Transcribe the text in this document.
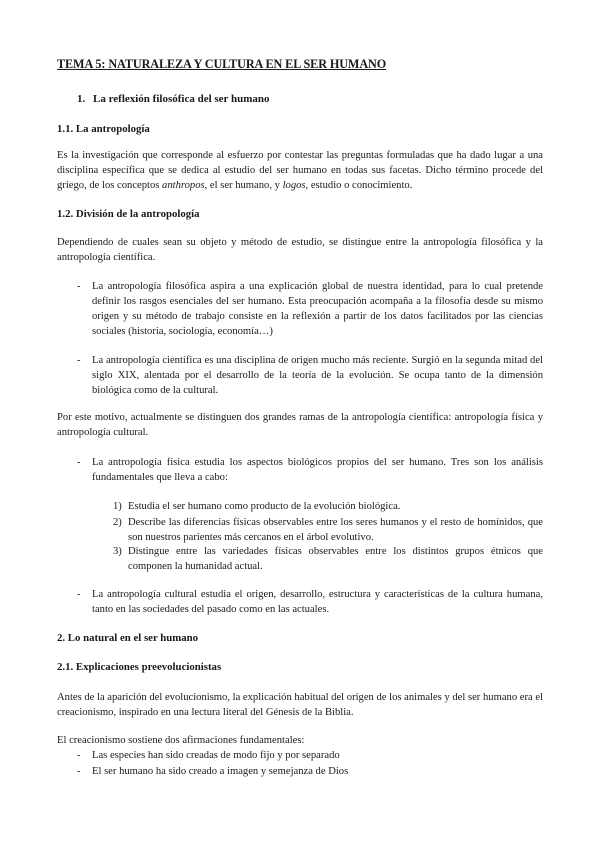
TEMA 5: NATURALEZA Y CULTURA EN EL SER HUMANO
1. La reflexión filosófica del ser humano
1.1. La antropología
Es la investigación que corresponde al esfuerzo por contestar las preguntas formuladas que ha dado lugar a una disciplina específica que se dedica al estudio del ser humano en todas sus facetas. Dicho término procede del griego, de los conceptos anthropos, el ser humano, y logos, estudio o conocimiento.
1.2. División de la antropología
Dependiendo de cuales sean su objeto y método de estudio, se distingue entre la antropología filosófica y la antropología científica.
- La antropología filosófica aspira a una explicación global de nuestra identidad, para lo cual pretende definir los rasgos esenciales del ser humano. Esta preocupación acompaña a la filosofía desde su mismo origen y su método de trabajo consiste en la reflexión a partir de los datos facilitados por las ciencias sociales (historia, sociología, economía…)
- La antropología científica es una disciplina de origen mucho más reciente. Surgió en la segunda mitad del siglo XIX, alentada por el desarrollo de la teoría de la evolución. Se ocupa tanto de la dimensión biológica como de la cultural.
Por este motivo, actualmente se distinguen dos grandes ramas de la antropología científica: antropología física y antropología cultural.
- La antropología física estudia los aspectos biológicos propios del ser humano. Tres son los análisis fundamentales que lleva a cabo:
1) Estudia el ser humano como producto de la evolución biológica.
2) Describe las diferencias físicas observables entre los seres humanos y el resto de homínidos, que son nuestros parientes más cercanos en el árbol evolutivo.
3) Distingue entre las variedades físicas observables entre los distintos grupos étnicos que componen la humanidad actual.
- La antropología cultural estudia el origen, desarrollo, estructura y características de la cultura humana, tanto en las sociedades del pasado como en las actuales.
2. Lo natural en el ser humano
2.1. Explicaciones preevolucionistas
Antes de la aparición del evolucionismo, la explicación habitual del origen de los animales y del ser humano era el creacionismo, inspirado en una lectura literal del Génesis de la Biblia.
El creacionismo sostiene dos afirmaciones fundamentales:
- Las especies han sido creadas de modo fijo y por separado
- El ser humano ha sido creado a imagen y semejanza de Dios
